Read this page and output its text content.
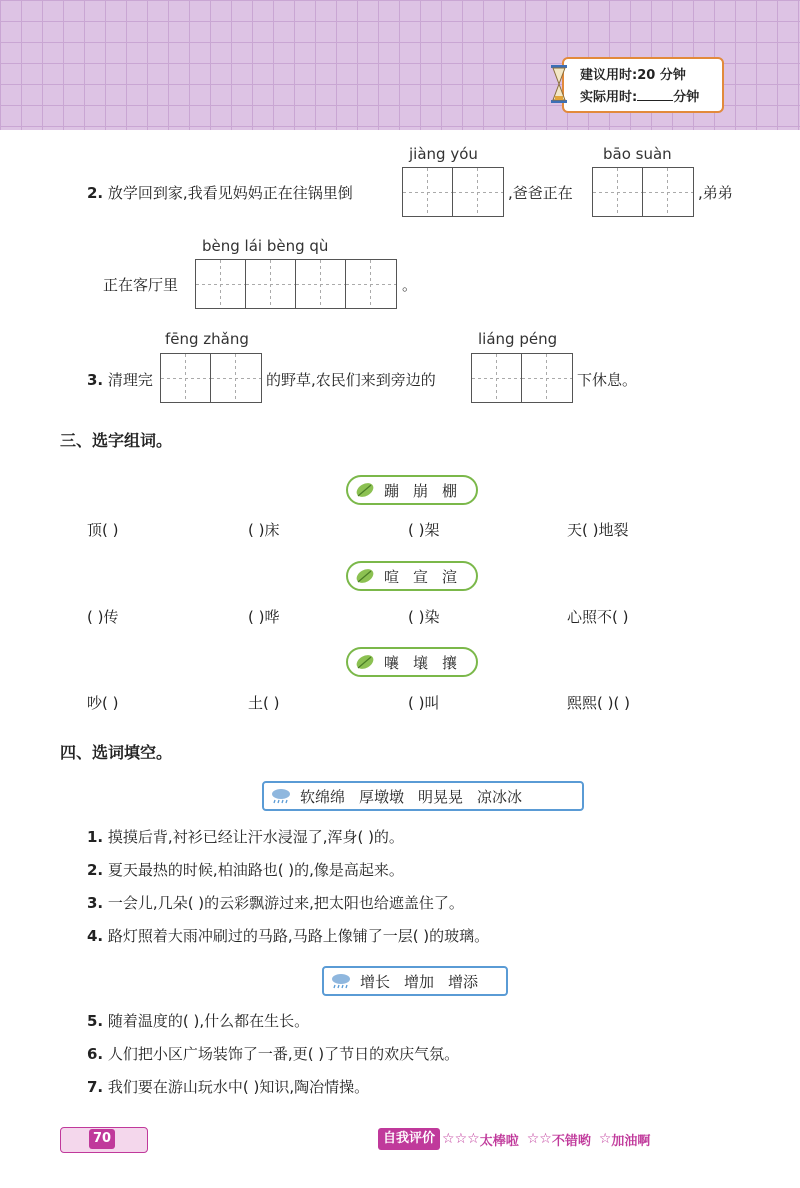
建议用时:20 分钟
实际用时:	分钟
jiàng yóu	bāo suàn
2. 放学回到家,我看见妈妈正在往锅里倒	,爸爸正在	,弟弟
bèng lái bèng qù
正在客厅里	。
fēng zhǎng	liáng péng
3. 清理完	的野草,农民们来到旁边的	下休息。
三、选字组词。
蹦 崩 棚
顶( )	( )床	( )架	天( )地裂
喧 宣 渲
( )传	( )哗	( )染	心照不( )
嚷 壤 攘
吵( )	土( )	( )叫	熙熙( )( )
四、选词填空。
软绵绵 厚墩墩 明晃晃 凉冰冰
1. 摸摸后背,衬衫已经让汗水浸湿了,浑身( )的。
2. 夏天最热的时候,柏油路也( )的,像是高起来。
3. 一会儿,几朵( )的云彩飘游过来,把太阳也给遮盖住了。
4. 路灯照着大雨冲刷过的马路,马路上像铺了一层( )的玻璃。
增长 增加 增添
5. 随着温度的( ),什么都在生长。
6. 人们把小区广场装饰了一番,更( )了节日的欢庆气氛。
7. 我们要在游山玩水中( )知识,陶冶情操。
70	自我评价 ☆ ☆ ☆ 太棒啦 ☆ ☆ 不错哟 ☆ 加油啊
